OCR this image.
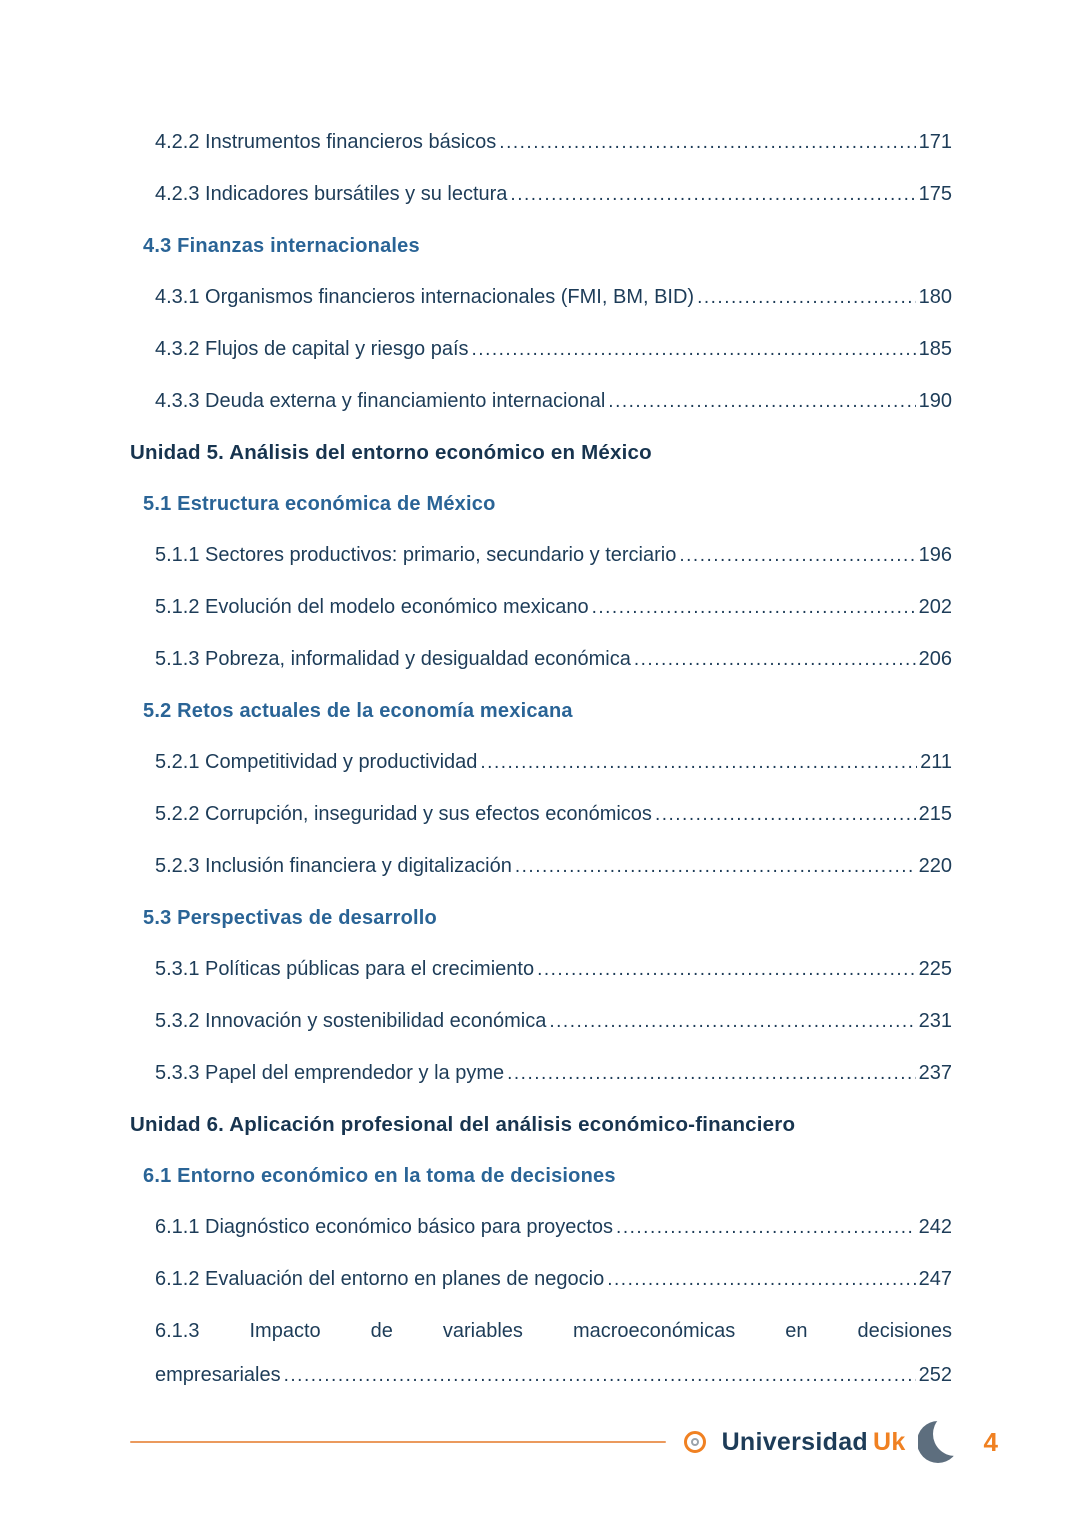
4.2.2 Instrumentos financieros básicos .....	171
4.2.3 Indicadores bursátiles y su lectura .....	175
4.3 Finanzas internacionales
4.3.1 Organismos financieros internacionales (FMI, BM, BID) .....	180
4.3.2 Flujos de capital y riesgo país .....	185
4.3.3 Deuda externa y financiamiento internacional .....	190
Unidad 5. Análisis del entorno económico en México
5.1 Estructura económica de México
5.1.1 Sectores productivos: primario, secundario y terciario .....	196
5.1.2 Evolución del modelo económico mexicano .....	202
5.1.3 Pobreza, informalidad y desigualdad económica .....	206
5.2 Retos actuales de la economía mexicana
5.2.1 Competitividad y productividad .....	211
5.2.2 Corrupción, inseguridad y sus efectos económicos .....	215
5.2.3 Inclusión financiera y digitalización .....	220
5.3 Perspectivas de desarrollo
5.3.1 Políticas públicas para el crecimiento .....	225
5.3.2 Innovación y sostenibilidad económica .....	231
5.3.3 Papel del emprendedor y la pyme .....	237
Unidad 6. Aplicación profesional del análisis económico-financiero
6.1 Entorno económico en la toma de decisiones
6.1.1 Diagnóstico económico básico para proyectos .....	242
6.1.2 Evaluación del entorno en planes de negocio .....	247
6.1.3 Impacto de variables macroeconómicas en decisiones
empresariales .....	252
Universidad Uk	4
